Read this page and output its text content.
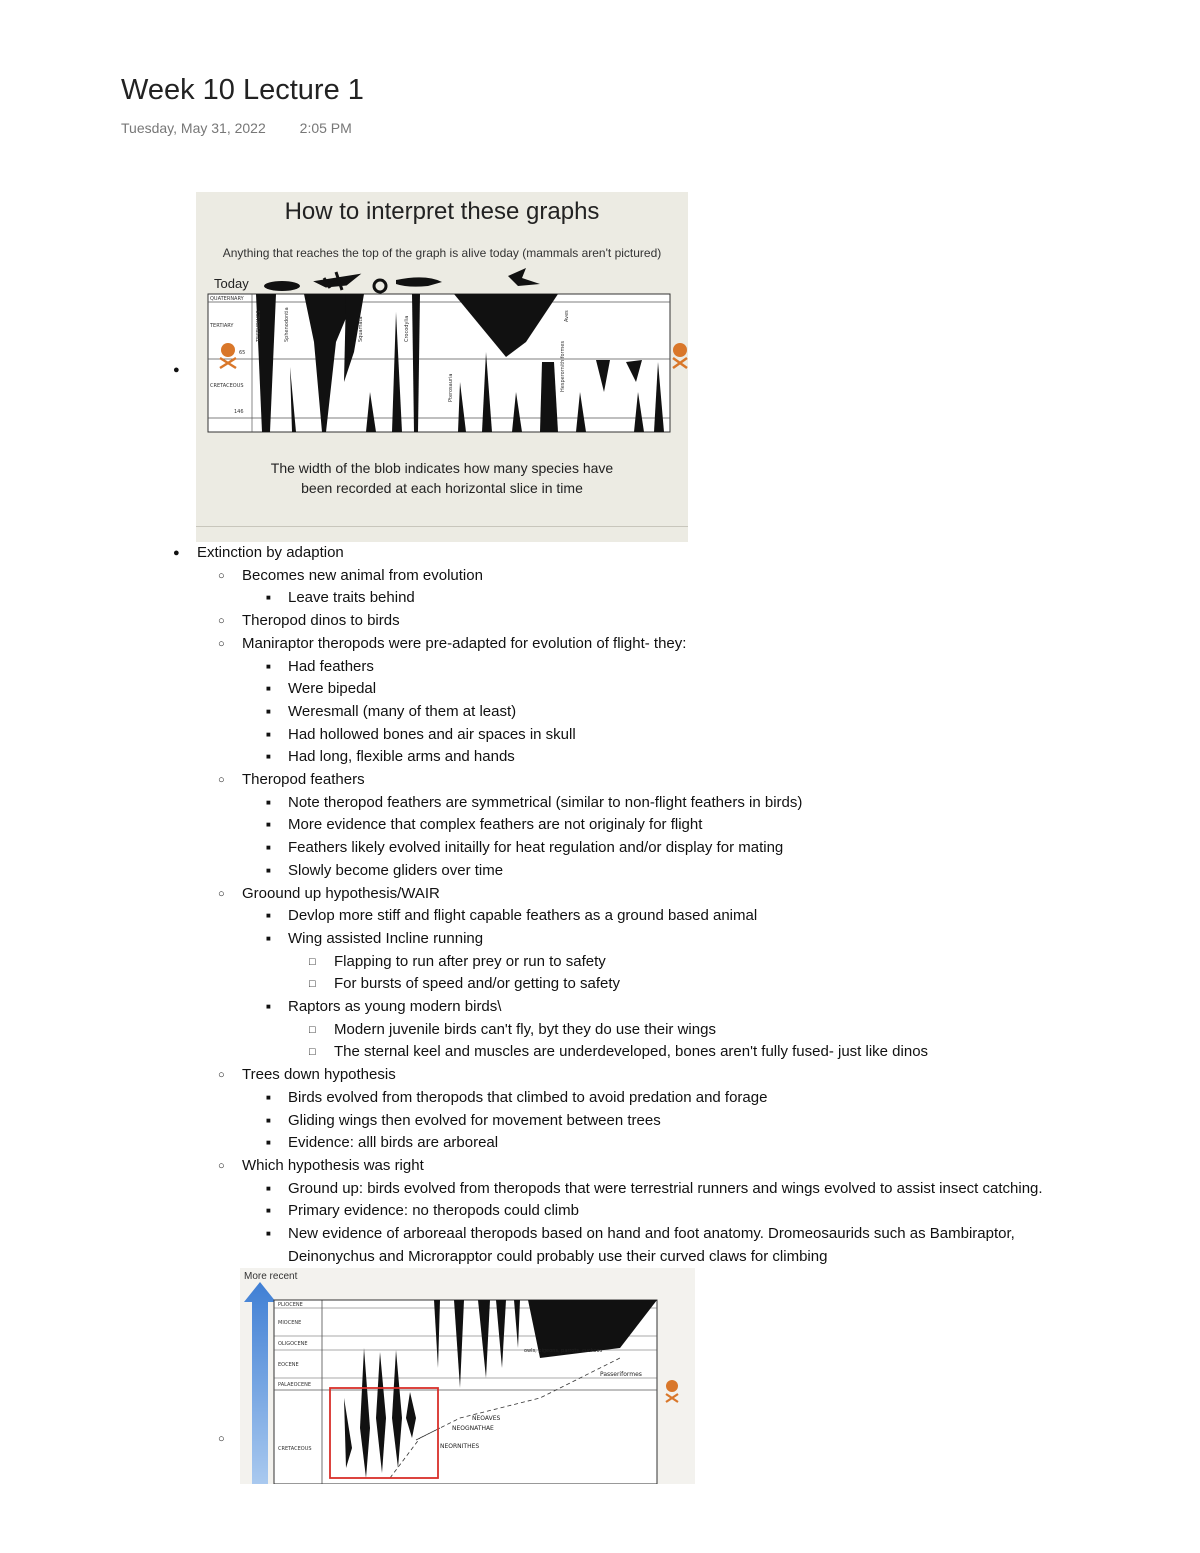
Week 10 Lecture 1
Tuesday, May 31, 2022 2:05 PM
●
QUATERNARY
TERTIARY
CRETACEOUS
65
146
Today
TESTUDINES	Sphenodontia	Squamata	Crocodylia	Aves
Pterosauria	Hesperornithiformes
How to interpret these graphs
Anything that reaches the top of the graph is alive today (mammals aren't pictured)
The width of the blob indicates how many species have
been recorded at each horizontal slice in time
● Extinction by adaption
○ Becomes new animal from evolution
■ Leave traits behind
○ Theropod dinos to birds
○ Maniraptor theropods were pre-adapted for evolution of flight- they:
■ Had feathers
■ Were bipedal
■ Weresmall (many of them at least)
■ Had hollowed bones and air spaces in skull
■ Had long, flexible arms and hands
○ Theropod feathers
■ Note theropod feathers are symmetrical (similar to non-flight feathers in birds)
■ More evidence that complex feathers are not originaly for flight
■ Feathers likely evolved initailly for heat regulation and/or display for mating
■ Slowly become gliders over time
○ Groound up hypothesis/WAIR
■ Devlop more stiff and flight capable feathers as a ground based animal
■ Wing assisted Incline running
□ Flapping to run after prey or run to safety
□ For bursts of speed and/or getting to safety
■ Raptors as young modern birds\
□ Modern juvenile birds can't fly, byt they do use their wings
□ The sternal keel and muscles are underdeveloped, bones aren't fully fused- just like dinos
○ Trees down hypothesis
■ Birds evolved from theropods that climbed to avoid predation and forage
■ Gliding wings then evolved for movement between trees
■ Evidence: alll birds are arboreal
○ Which hypothesis was right
■ Ground up: birds evolved from theropods that were terrestrial runners and wings evolved to assist insect catching.
■ Primary evidence: no theropods could climb
■ New evidence of arboreaal theropods based on hand and foot anatomy. Dromeosaurids such as Bambiraptor,
Deinonychus and Microrapptor could probably use their curved claws for climbing
○
More recent
PLIOCENE
MIOCENE
OLIGOCENE
EOCENE
PALAEOCENE
CRETACEOUS
NEOAVES
NEOGNATHAE
NEORNITHES
Passeriformes
owls, pigeons, parrots, cuckoos
